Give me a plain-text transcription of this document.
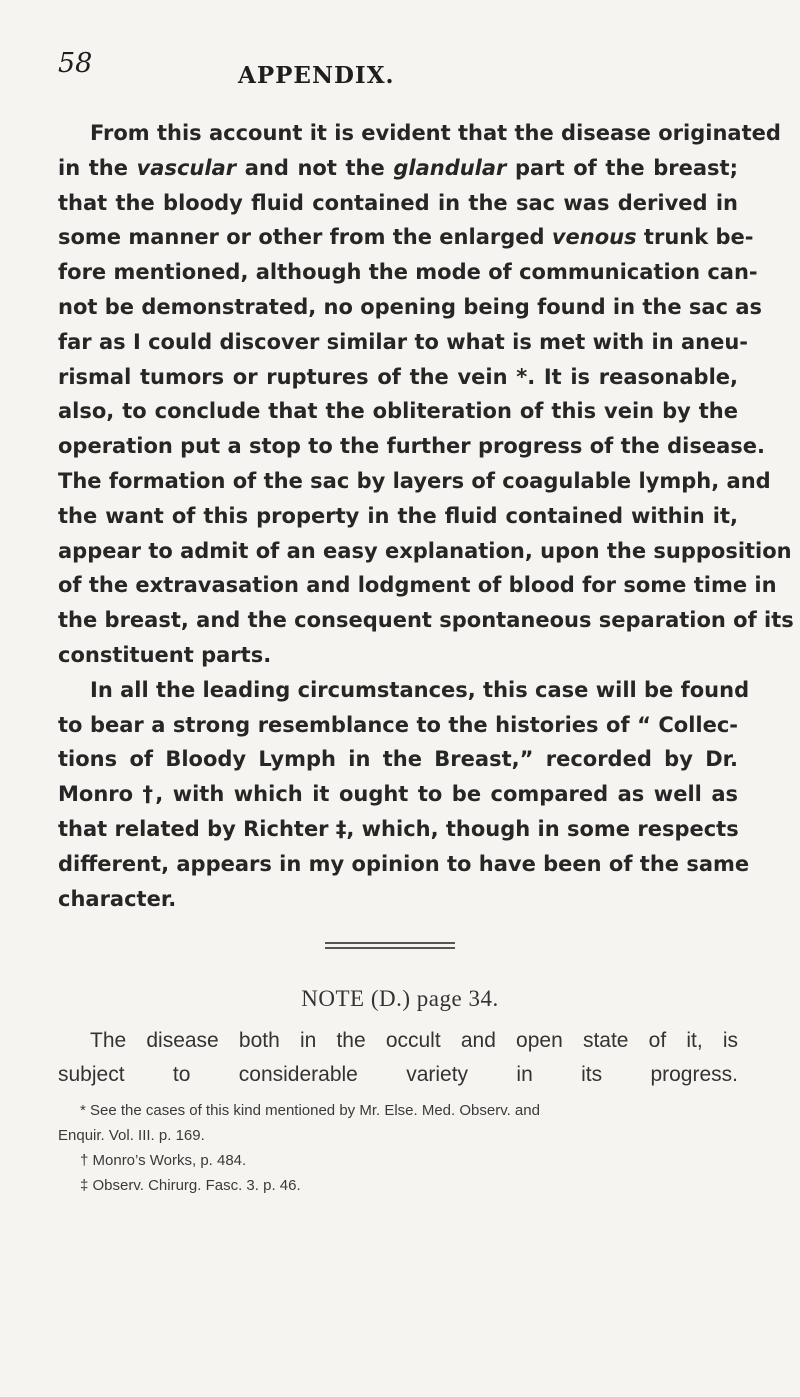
58	APPENDIX.

From this account it is evident that the disease originated
in the vascular and not the glandular part of the breast;
that the bloody fluid contained in the sac was derived in
some manner or other from the enlarged venous trunk be-
fore mentioned, although the mode of communication can-
not be demonstrated, no opening being found in the sac as
far as I could discover similar to what is met with in aneu-
rismal tumors or ruptures of the vein *. It is reasonable,
also, to conclude that the obliteration of this vein by the
operation put a stop to the further progress of the disease.
The formation of the sac by layers of coagulable lymph, and
the want of this property in the fluid contained within it,
appear to admit of an easy explanation, upon the supposition
of the extravasation and lodgment of blood for some time in
the breast, and the consequent spontaneous separation of its
constituent parts.

In all the leading circumstances, this case will be found
to bear a strong resemblance to the histories of “ Collec-
tions of Bloody Lymph in the Breast,” recorded by Dr.
Monro †, with which it ought to be compared as well as
that related by Richter ‡, which, though in some respects
different, appears in my opinion to have been of the same
character.

NOTE (D.) page 34.
The disease both in the occult and open state of it, is
subject to considerable variety in its progress.
* See the cases of this kind mentioned by Mr. Else. Med. Observ. and
Enquir. Vol. III. p. 169.
† Monro’s Works, p. 484.
‡ Observ. Chirurg. Fasc. 3. p. 46.
